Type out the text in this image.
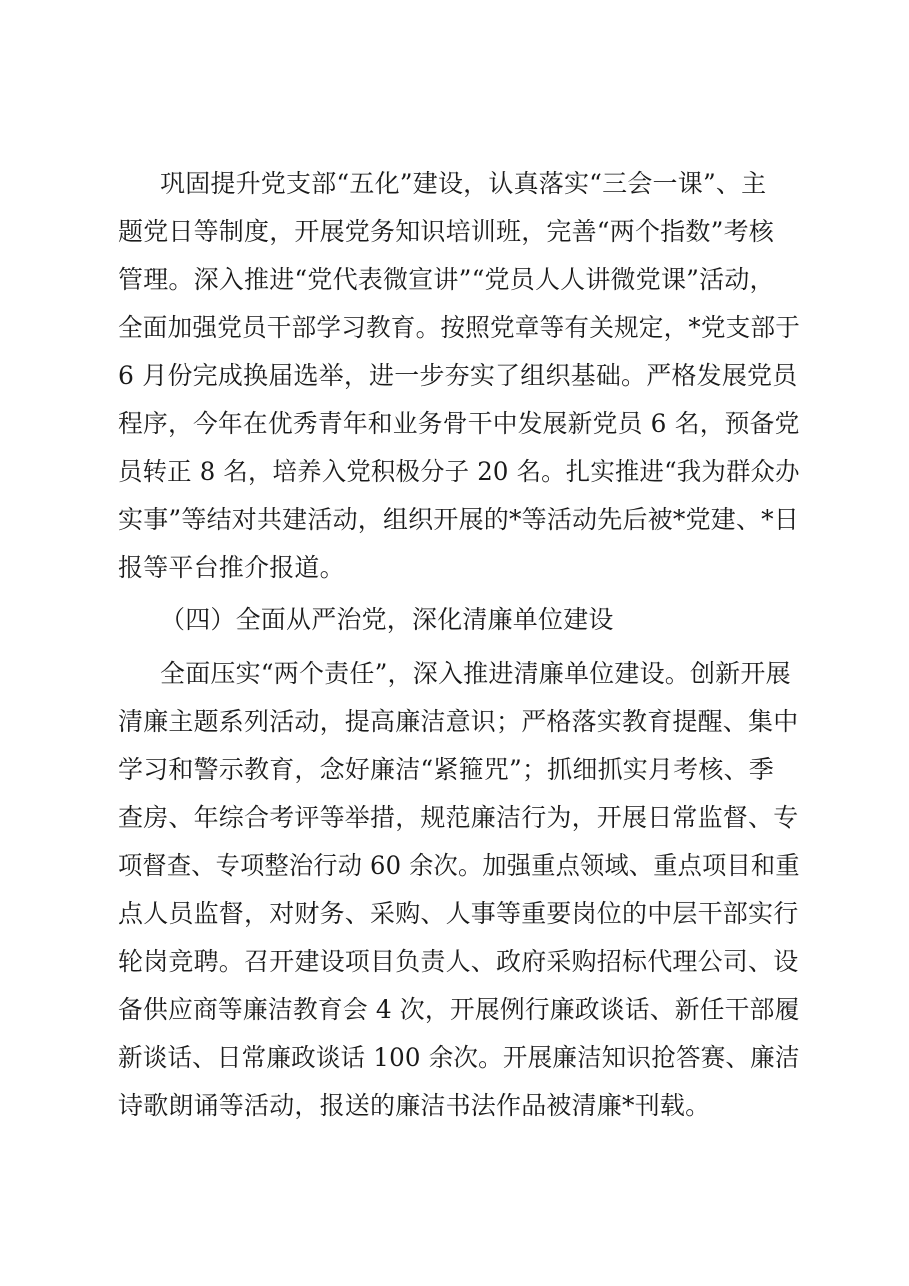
巩固提升党支部“五化”建设，认真落实“三会一课”、主

题党日等制度，开展党务知识培训班，完善“两个指数”考核

管理。深入推进“党代表微宣讲”“党员人人讲微党课”活动，

全面加强党员干部学习教育。按照党章等有关规定，*党支部于

6 月份完成换届选举，进一步夯实了组织基础。严格发展党员

程序，今年在优秀青年和业务骨干中发展新党员 6 名，预备党

员转正 8 名，培养入党积极分子 20 名。扎实推进“我为群众办

实事”等结对共建活动，组织开展的*等活动先后被*党建、*日

报等平台推介报道。

（四）全面从严治党，深化清廉单位建设

全面压实“两个责任”，深入推进清廉单位建设。创新开展

清廉主题系列活动，提高廉洁意识；严格落实教育提醒、集中

学习和警示教育，念好廉洁“紧箍咒”；抓细抓实月考核、季

查房、年综合考评等举措，规范廉洁行为，开展日常监督、专

项督查、专项整治行动 60 余次。加强重点领域、重点项目和重

点人员监督，对财务、采购、人事等重要岗位的中层干部实行

轮岗竞聘。召开建设项目负责人、政府采购招标代理公司、设

备供应商等廉洁教育会 4 次，开展例行廉政谈话、新任干部履

新谈话、日常廉政谈话 100 余次。开展廉洁知识抢答赛、廉洁

诗歌朗诵等活动，报送的廉洁书法作品被清廉*刊载。
